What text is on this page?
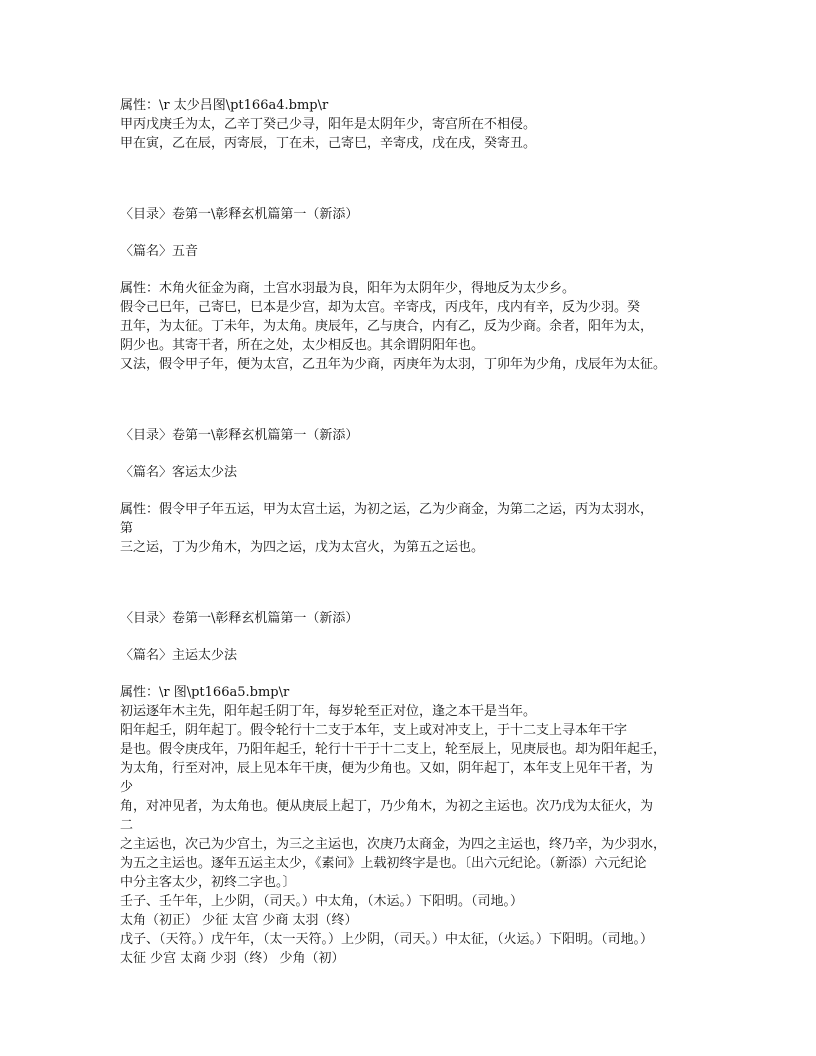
属性：\r 太少吕图\pt166a4.bmp\r

甲丙戊庚壬为太，乙辛丁癸己少寻，阳年是太阴年少，寄宫所在不相侵。

甲在寅，乙在辰，丙寄辰，丁在未，己寄巳，辛寄戌，戊在戌，癸寄丑。

〈目录〉卷第一\彰释玄机篇第一（新添）

〈篇名〉五音

属性：木角火征金为商，土宫水羽最为良，阳年为太阴年少，得地反为太少乡。

假令己巳年，己寄巳，巳本是少宫，却为太宫。辛寄戌，丙戌年，戌内有辛，反为少羽。癸

丑年，为太征。丁未年，为太角。庚辰年，乙与庚合，内有乙，反为少商。余者，阳年为太，

阴少也。其寄干者，所在之处，太少相反也。其余谓阴阳年也。

又法，假令甲子年，便为太宫，乙丑年为少商，丙庚年为太羽，丁卯年为少角，戊辰年为太征。

〈目录〉卷第一\彰释玄机篇第一（新添）

〈篇名〉客运太少法

属性：假令甲子年五运，甲为太宫土运，为初之运，乙为少商金，为第二之运，丙为太羽水，

第

三之运，丁为少角木，为四之运，戊为太宫火，为第五之运也。

〈目录〉卷第一\彰释玄机篇第一（新添）

〈篇名〉主运太少法

属性：\r 图\pt166a5.bmp\r

初运逐年木主先，阳年起壬阴丁年，每岁轮至正对位，逢之本干是当年。

阳年起壬，阴年起丁。假令轮行十二支于本年，支上或对冲支上，于十二支上寻本年干字

是也。假令庚戌年，乃阳年起壬，轮行十干于十二支上，轮至辰上，见庚辰也。却为阳年起壬，

为太角，行至对冲，辰上见本年干庚，便为少角也。又如，阴年起丁，本年支上见年干者，为

少

角，对冲见者，为太角也。便从庚辰上起丁，乃少角木，为初之主运也。次乃戊为太征火，为

二

之主运也，次己为少宫土，为三之主运也，次庚乃太商金，为四之主运也，终乃辛，为少羽水，

为五之主运也。逐年五运主太少，《素问》上载初终字是也。〔出六元纪论。（新添）六元纪论

中分主客太少，初终二字也。〕

壬子、壬午年，上少阴，（司天。）中太角，（木运。）下阳明。（司地。）

太角（初正） 少征 太宫 少商 太羽（终）

戊子、（天符。）戊午年，（太一天符。）上少阴，（司天。）中太征，（火运。）下阳明。（司地。）

太征 少宫 太商 少羽（终） 少角（初）
